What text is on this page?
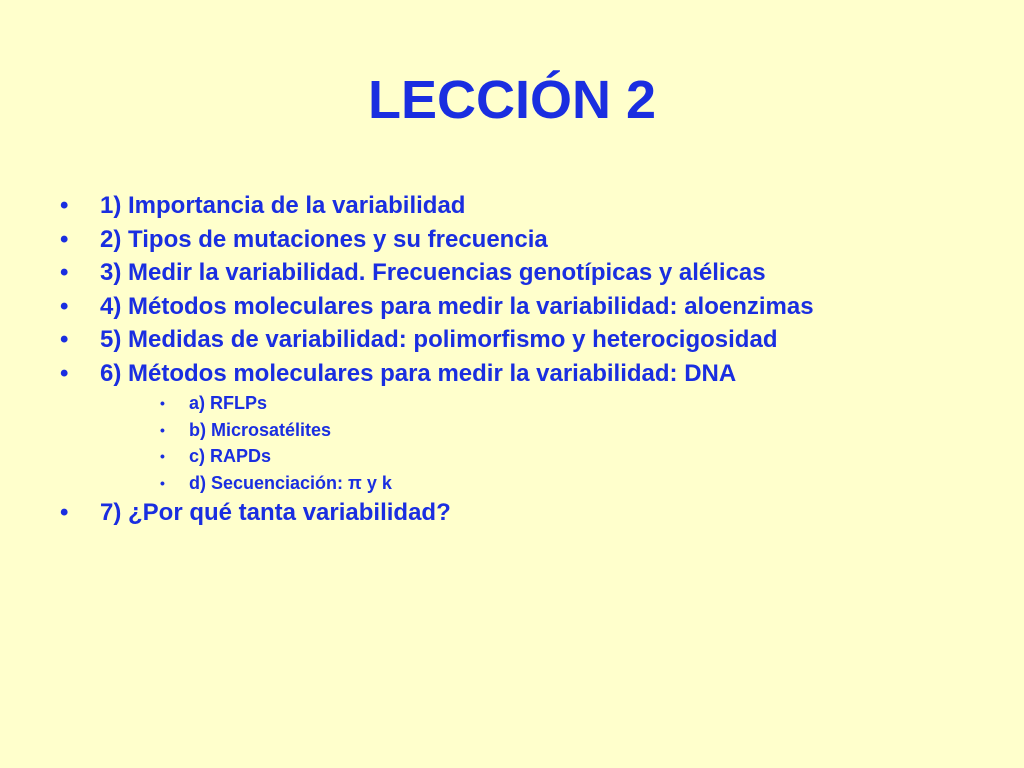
LECCIÓN 2
• 1) Importancia de la variabilidad
• 2) Tipos de mutaciones y su frecuencia
• 3) Medir la variabilidad. Frecuencias genotípicas y alélicas
• 4) Métodos moleculares para medir la variabilidad: aloenzimas
• 5) Medidas de variabilidad: polimorfismo y heterocigosidad
• 6) Métodos moleculares para medir la variabilidad: DNA
• a) RFLPs
• b) Microsatélites
• c) RAPDs
• d) Secuenciación: π y k
• 7) ¿Por qué tanta variabilidad?
